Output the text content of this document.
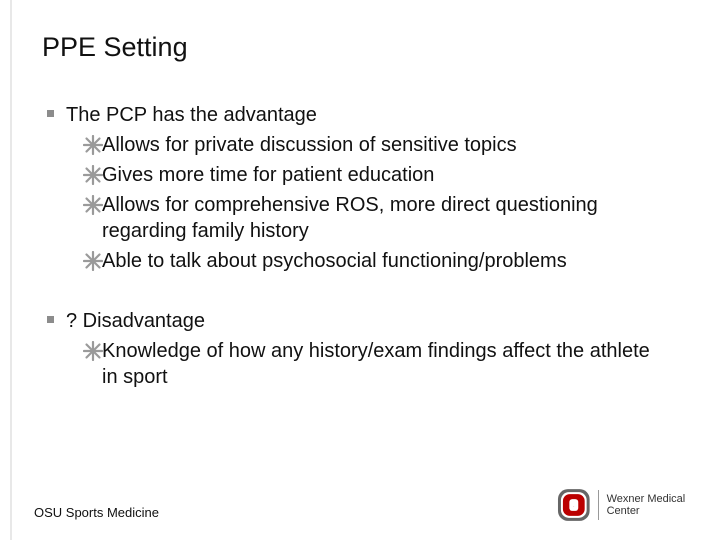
PPE Setting
The PCP has the advantage
Allows for private discussion of sensitive topics
Gives more time for patient education
Allows for comprehensive ROS, more direct questioning regarding family history
Able to talk about psychosocial functioning/problems
? Disadvantage
Knowledge of how any history/exam findings affect the athlete in sport
OSU Sports Medicine	O
Wexner Medical Center
